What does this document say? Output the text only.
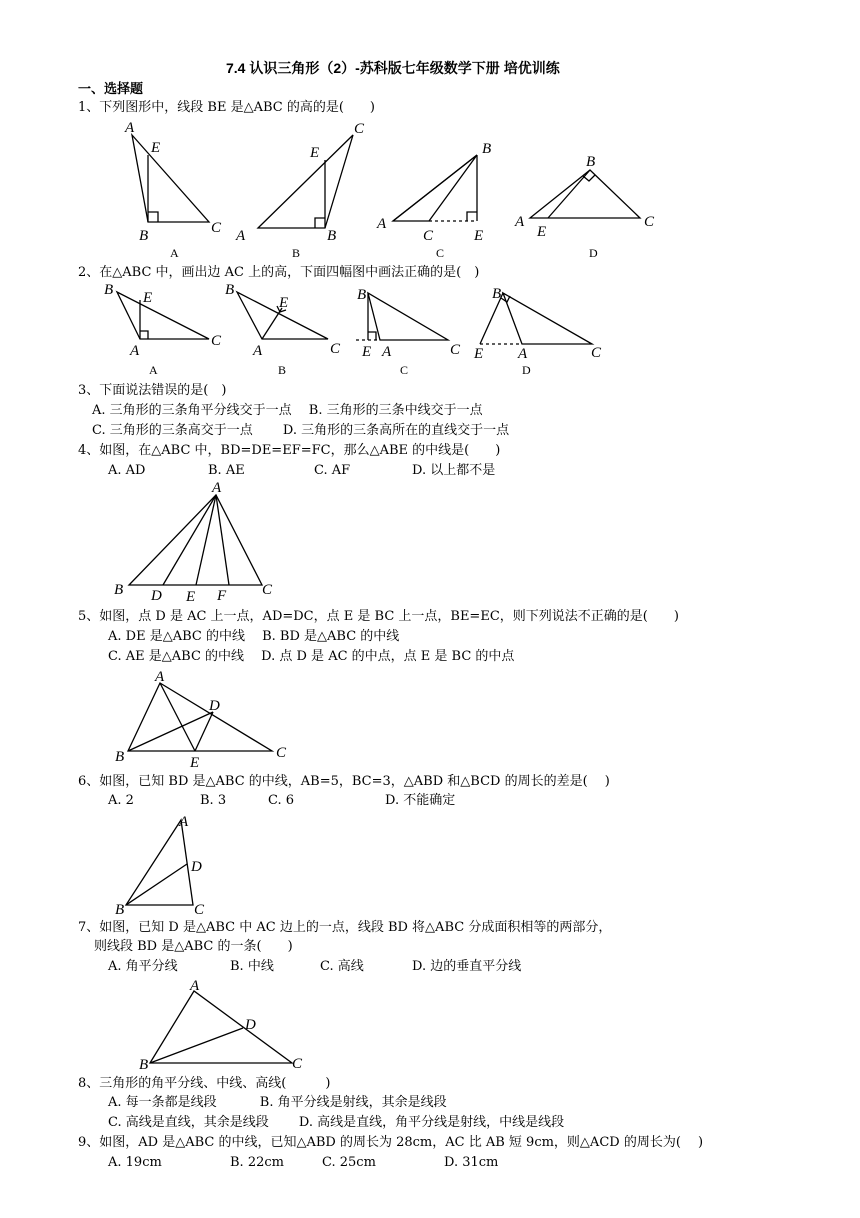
7.4 认识三角形（2）-苏科版七年级数学下册 培优训练
一、选择题
1、下列图形中，线段 BE 是△ABC 的高的是(　　)
2、在△ABC 中，画出边 AC 上的高，下面四幅图中画法正确的是(　)
3、下面说法错误的是(　)
A. 三角形的三条角平分线交于一点　 B. 三角形的三条中线交于一点
C. 三角形的三条高交于一点　　 D. 三角形的三条高所在的直线交于一点
4、如图，在△ABC 中，BD=DE=EF=FC，那么△ABE 的中线是(　　)
A. AD	B. AE	C. AF	D. 以上都不是
5、如图，点 D 是 AC 上一点，AD=DC，点 E 是 BC 上一点，BE=EC，则下列说法不正确的是(　　)
A. DE 是△ABC 的中线　 B. BD 是△ABC 的中线
C. AE 是△ABC 的中线　 D. 点 D 是 AC 的中点，点 E 是 BC 的中点
6、如图，已知 BD 是△ABC 的中线，AB=5，BC=3，△ABD 和△BCD 的周长的差是(　 )
A. 2	B. 3	C. 6	D. 不能确定
7、如图，已知 D 是△ABC 中 AC 边上的一点，线段 BD 将△ABC 分成面积相等的两部分，
则线段 BD 是△ABC 的一条(　　)
A. 角平分线	B. 中线	C. 高线	D. 边的垂直平分线
8、三角形的角平分线、中线、高线(　　　)
A. 每一条都是线段　　　 B. 角平分线是射线，其余是线段
C. 高线是直线，其余是线段　　 D. 高线是直线，角平分线是射线，中线是线段
9、如图，AD 是△ABC 的中线，已知△ABD 的周长为 28cm，AC 比 AB 短 9cm，则△ACD 的周长为(　 )
A. 19cm	B. 22cm	C. 25cm	D. 31cm
A
E
B	C
A
C
E
A	B
B
B
A
C	E
C
B
A
E
C
D
B E
A
C
A
B
E
A	C
B
B
E A	C
C
B
E A	C
D
A
B D E F C
A
D
B	E
C
A
D
B	C
A
D
B	C
